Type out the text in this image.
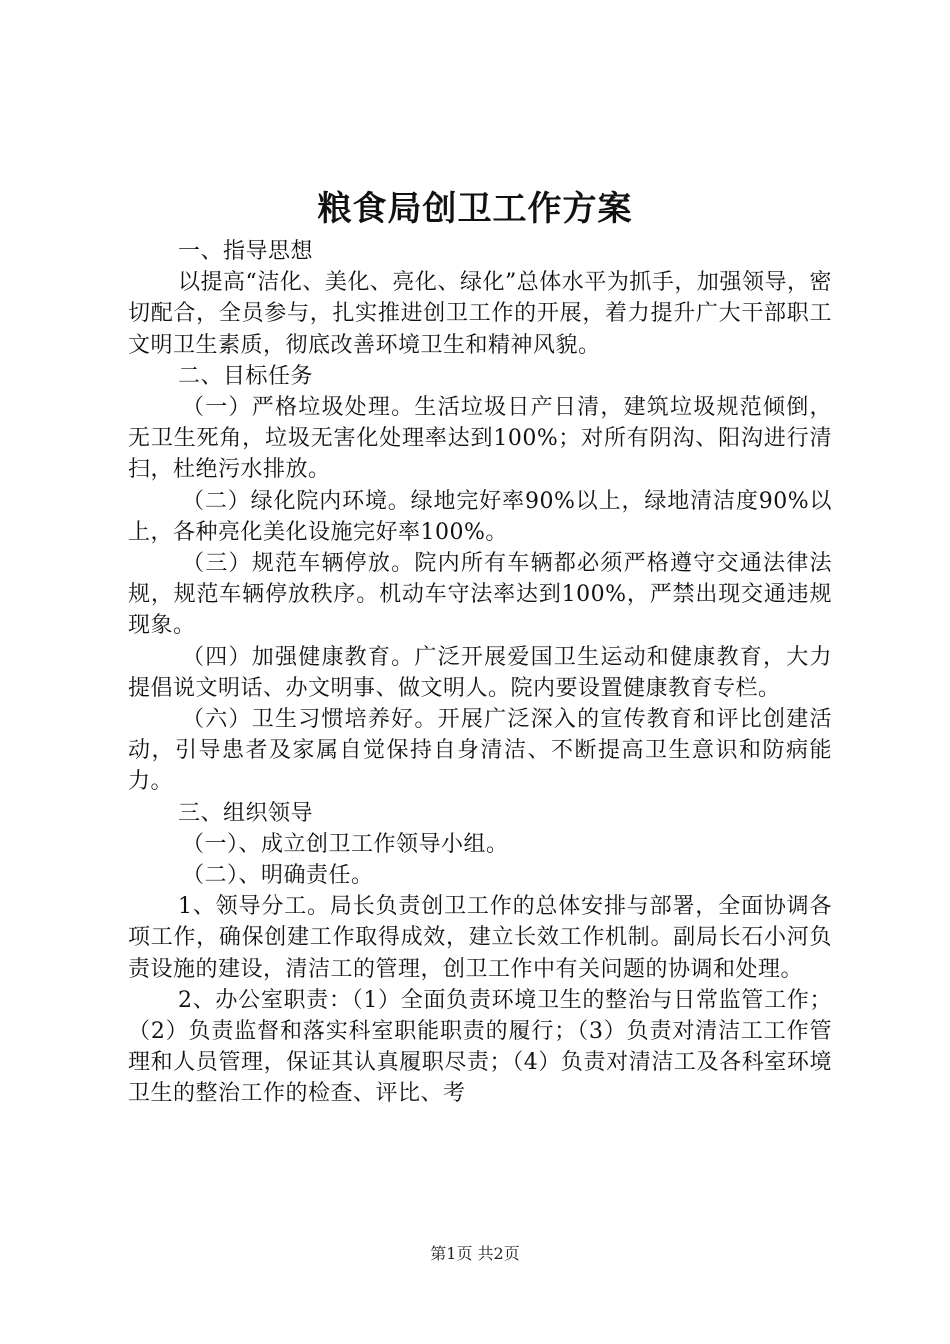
粮食局创卫工作方案

一、指导思想

以提高“洁化、美化、亮化、绿化”总体水平为抓手，加强领导，密切配合，全员参与，扎实推进创卫工作的开展，着力提升广大干部职工文明卫生素质，彻底改善环境卫生和精神风貌。

二、目标任务

（一）严格垃圾处理。生活垃圾日产日清，建筑垃圾规范倾倒，无卫生死角，垃圾无害化处理率达到100%；对所有阴沟、阳沟进行清扫，杜绝污水排放。

（二）绿化院内环境。绿地完好率90%以上，绿地清洁度90%以上，各种亮化美化设施完好率100%。

（三）规范车辆停放。院内所有车辆都必须严格遵守交通法律法规，规范车辆停放秩序。机动车守法率达到100%，严禁出现交通违规现象。

（四）加强健康教育。广泛开展爱国卫生运动和健康教育，大力提倡说文明话、办文明事、做文明人。院内要设置健康教育专栏。

（六）卫生习惯培养好。开展广泛深入的宣传教育和评比创建活动，引导患者及家属自觉保持自身清洁、不断提高卫生意识和防病能力。

三、组织领导

（一）、成立创卫工作领导小组。

（二）、明确责任。

1、领导分工。局长负责创卫工作的总体安排与部署，全面协调各项工作，确保创建工作取得成效，建立长效工作机制。副局长石小河负责设施的建设，清洁工的管理，创卫工作中有关问题的协调和处理。

2、办公室职责：（1）全面负责环境卫生的整治与日常监管工作；（2）负责监督和落实科室职能职责的履行；（3）负责对清洁工工作管理和人员管理，保证其认真履职尽责；（4）负责对清洁工及各科室环境卫生的整治工作的检查、评比、考

第1页 共2页
